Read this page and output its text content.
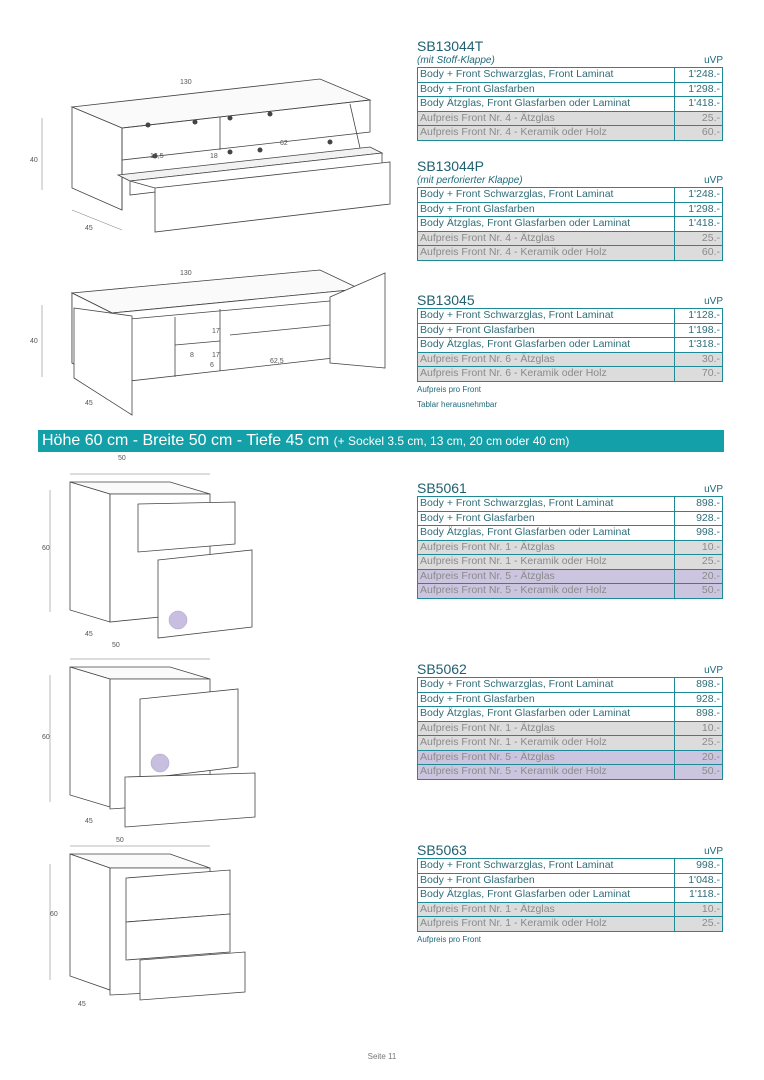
130
40
45
16,5	18
62
130
40
45
17
17
62,5
8
6
50
60
45
50
60
45
50
60
45
Höhe 60 cm - Breite 50 cm - Tiefe 45 cm (+ Sockel 3.5 cm, 13 cm, 20 cm oder 40 cm)
SB13044T
(mit Stoff-Klappe)	uVP
Body + Front Schwarzglas, Front Laminat	1'248.-
Body + Front Glasfarben	1'298.-
Body Ätzglas, Front Glasfarben oder Laminat	1'418.-
Aufpreis Front Nr. 4 - Ätzglas	25.-
Aufpreis Front Nr. 4 - Keramik oder Holz	60.-
SB13044P
(mit perforierter Klappe)	uVP
Body + Front Schwarzglas, Front Laminat	1'248.-
Body + Front Glasfarben	1'298.-
Body Ätzglas, Front Glasfarben oder Laminat	1'418.-
Aufpreis Front Nr. 4 - Ätzglas	25.-
Aufpreis Front Nr. 4 - Keramik oder Holz	60.-
SB13045	uVP
Body + Front Schwarzglas, Front Laminat	1'128.-
Body + Front Glasfarben	1'198.-
Body Ätzglas, Front Glasfarben oder Laminat	1'318.-
Aufpreis Front Nr. 6 - Ätzglas	30.-
Aufpreis Front Nr. 6 - Keramik oder Holz	70.-
Aufpreis pro Front
Tablar herausnehmbar
SB5061	uVP
Body + Front Schwarzglas, Front Laminat	898.-
Body + Front Glasfarben	928.-
Body Ätzglas, Front Glasfarben oder Laminat	998.-
Aufpreis Front Nr. 1 - Ätzglas	10.-
Aufpreis Front Nr. 1 - Keramik oder Holz	25.-
Aufpreis Front Nr. 5 - Ätzglas	20.-
Aufpreis Front Nr. 5 - Keramik oder Holz	50.-
SB5062	uVP
Body + Front Schwarzglas, Front Laminat	898.-
Body + Front Glasfarben	928.-
Body Ätzglas, Front Glasfarben oder Laminat	898.-
Aufpreis Front Nr. 1 - Ätzglas	10.-
Aufpreis Front Nr. 1 - Keramik oder Holz	25.-
Aufpreis Front Nr. 5 - Ätzglas	20.-
Aufpreis Front Nr. 5 - Keramik oder Holz	50.-
SB5063	uVP
Body + Front Schwarzglas, Front Laminat	998.-
Body + Front Glasfarben	1'048.-
Body Ätzglas, Front Glasfarben oder Laminat	1'118.-
Aufpreis Front Nr. 1 - Ätzglas	10.-
Aufpreis Front Nr. 1 - Keramik oder Holz	25.-
Aufpreis pro Front
Seite 11
